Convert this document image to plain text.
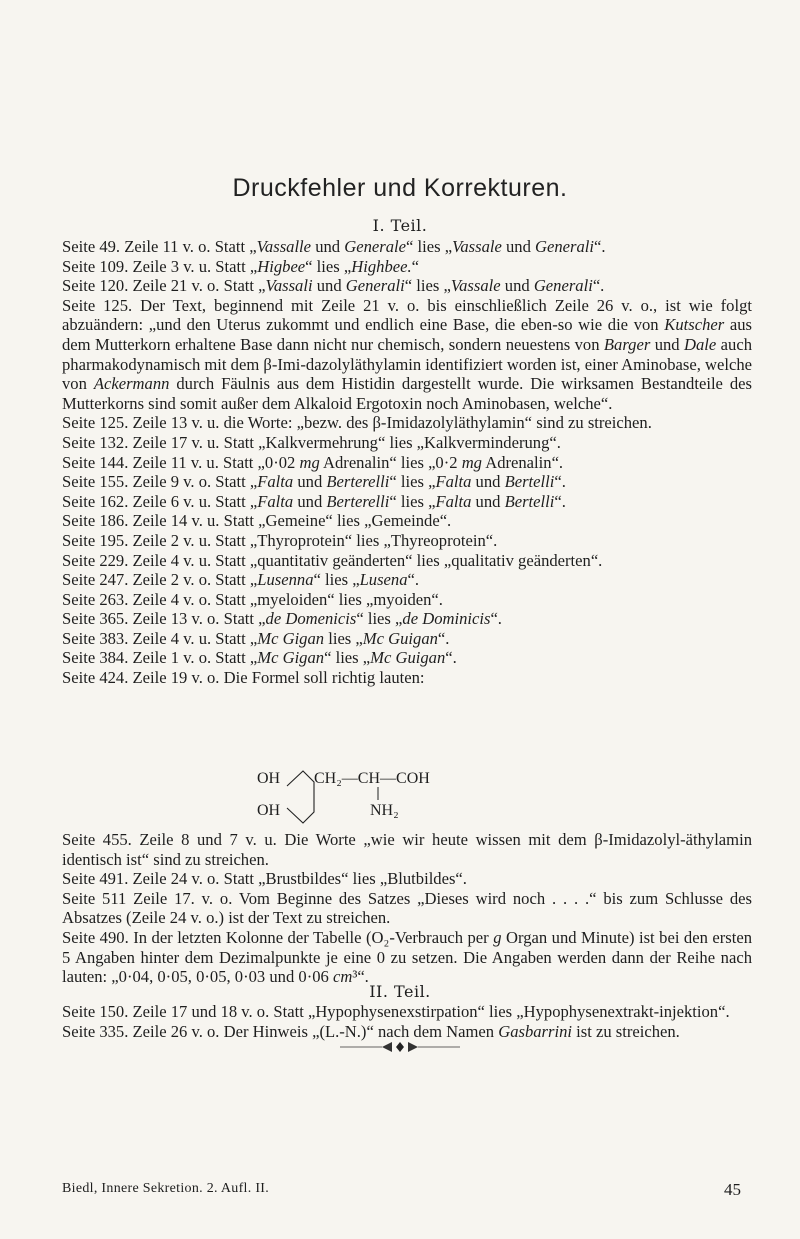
Druckfehler und Korrekturen.
I. Teil.

Seite 49. Zeile 11 v. o. Statt „Vassalle und Generale“ lies „Vassale und Generali“.

Seite 109. Zeile 3 v. u. Statt „Higbee“ lies „Highbee.“

Seite 120. Zeile 21 v. o. Statt „Vassali und Generali“ lies „Vassale und Generali“.

Seite 125. Der Text, beginnend mit Zeile 21 v. o. bis einschließlich Zeile 26 v. o., ist wie folgt abzuändern: „und den Uterus zukommt und endlich eine Base, die eben-so wie die von Kutscher aus dem Mutterkorn erhaltene Base dann nicht nur chemisch, sondern neuestens von Barger und Dale auch pharmakodynamisch mit dem β-Imi-dazolyläthylamin identifiziert worden ist, einer Aminobase, welche von Ackermann durch Fäulnis aus dem Histidin dargestellt wurde. Die wirksamen Bestandteile des Mutterkorns sind somit außer dem Alkaloid Ergotoxin noch Aminobasen, welche“.

Seite 125. Zeile 13 v. u. die Worte: „bezw. des β-Imidazolyläthylamin“ sind zu streichen.

Seite 132. Zeile 17 v. u. Statt „Kalkvermehrung“ lies „Kalkverminderung“.

Seite 144. Zeile 11 v. u. Statt „0·02 mg Adrenalin“ lies „0·2 mg Adrenalin“.

Seite 155. Zeile 9 v. o. Statt „Falta und Berterelli“ lies „Falta und Bertelli“.

Seite 162. Zeile 6 v. u. Statt „Falta und Berterelli“ lies „Falta und Bertelli“.

Seite 186. Zeile 14 v. u. Statt „Gemeine“ lies „Gemeinde“.

Seite 195. Zeile 2 v. u. Statt „Thyroprotein“ lies „Thyreoprotein“.

Seite 229. Zeile 4 v. u. Statt „quantitativ geänderten“ lies „qualitativ geänderten“.

Seite 247. Zeile 2 v. o. Statt „Lusenna“ lies „Lusena“.

Seite 263. Zeile 4 v. o. Statt „myeloiden“ lies „myoiden“.

Seite 365. Zeile 13 v. o. Statt „de Domenicis“ lies „de Dominicis“.

Seite 383. Zeile 4 v. u. Statt „Mc Gigan lies „Mc Guigan“.

Seite 384. Zeile 1 v. o. Statt „Mc Gigan“ lies „Mc Guigan“.

Seite 424. Zeile 19 v. o. Die Formel soll richtig lauten:

OH
OH
CH₂—CH—COH
NH₂

Seite 455. Zeile 8 und 7 v. u. Die Worte „wie wir heute wissen mit dem β-Imidazolyl-äthylamin identisch ist“ sind zu streichen.

Seite 491. Zeile 24 v. o. Statt „Brustbildes“ lies „Blutbildes“.

Seite 511 Zeile 17. v. o. Vom Beginne des Satzes „Dieses wird noch . . . .“ bis zum Schlusse des Absatzes (Zeile 24 v. o.) ist der Text zu streichen.

Seite 490. In der letzten Kolonne der Tabelle (O₂-Verbrauch per g Organ und Minute) ist bei den ersten 5 Angaben hinter dem Dezimalpunkte je eine 0 zu setzen. Die Angaben werden dann der Reihe nach lauten: „0·04, 0·05, 0·05, 0·03 und 0·06 cm³“.

II. Teil.

Seite 150. Zeile 17 und 18 v. o. Statt „Hypophysenexstirpation“ lies „Hypophysenextrakt-injektion“.

Seite 335. Zeile 26 v. o. Der Hinweis „(L.-N.)“ nach dem Namen Gasbarrini ist zu streichen.

Biedl, Innere Sekretion. 2. Aufl. II.	45
